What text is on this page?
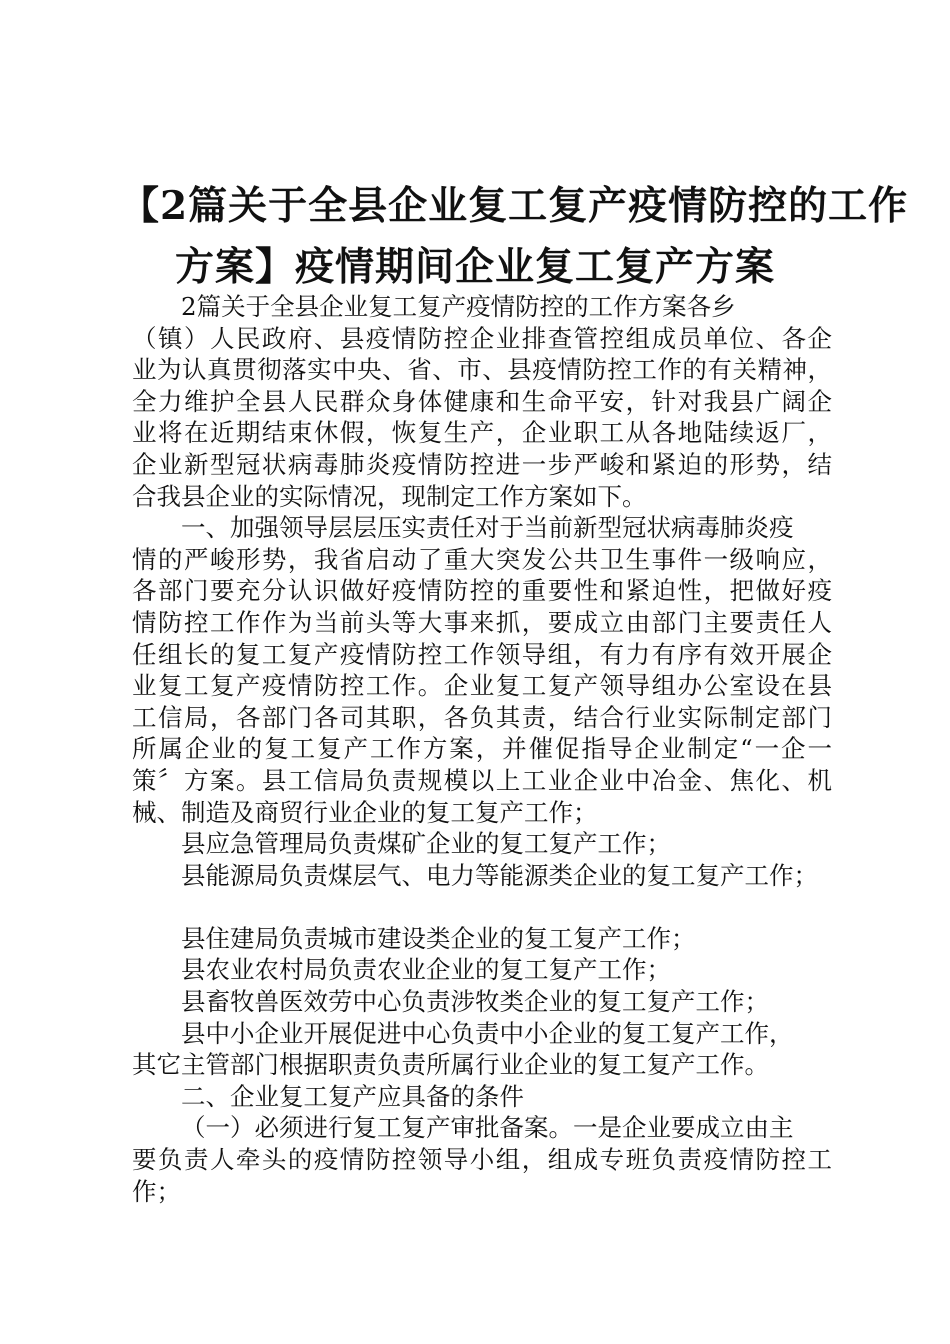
【2篇关于全县企业复工复产疫情防控的工作
方案】疫情期间企业复工复产方案
2篇关于全县企业复工复产疫情防控的工作方案各乡
（镇）人民政府、县疫情防控企业排查管控组成员单位、各企
业为认真贯彻落实中央、省、市、县疫情防控工作的有关精神，
全力维护全县人民群众身体健康和生命平安，针对我县广阔企
业将在近期结束休假，恢复生产，企业职工从各地陆续返厂，
企业新型冠状病毒肺炎疫情防控进一步严峻和紧迫的形势，结
合我县企业的实际情况，现制定工作方案如下。
一、加强领导层层压实责任对于当前新型冠状病毒肺炎疫
情的严峻形势，我省启动了重大突发公共卫生事件一级响应，
各部门要充分认识做好疫情防控的重要性和紧迫性，把做好疫
情防控工作作为当前头等大事来抓，要成立由部门主要责任人
任组长的复工复产疫情防控工作领导组，有力有序有效开展企
业复工复产疫情防控工作。企业复工复产领导组办公室设在县
工信局，各部门各司其职，各负其责，结合行业实际制定部门
所属企业的复工复产工作方案，并催促指导企业制定“一企一
策〞方案。县工信局负责规模以上工业企业中冶金、焦化、机
械、制造及商贸行业企业的复工复产工作；
县应急管理局负责煤矿企业的复工复产工作；
县能源局负责煤层气、电力等能源类企业的复工复产工作；
县住建局负责城市建设类企业的复工复产工作；
县农业农村局负责农业企业的复工复产工作；
县畜牧兽医效劳中心负责涉牧类企业的复工复产工作；
县中小企业开展促进中心负责中小企业的复工复产工作，
其它主管部门根据职责负责所属行业企业的复工复产工作。
二、企业复工复产应具备的条件
（一）必须进行复工复产审批备案。一是企业要成立由主
要负责人牵头的疫情防控领导小组，组成专班负责疫情防控工
作；
